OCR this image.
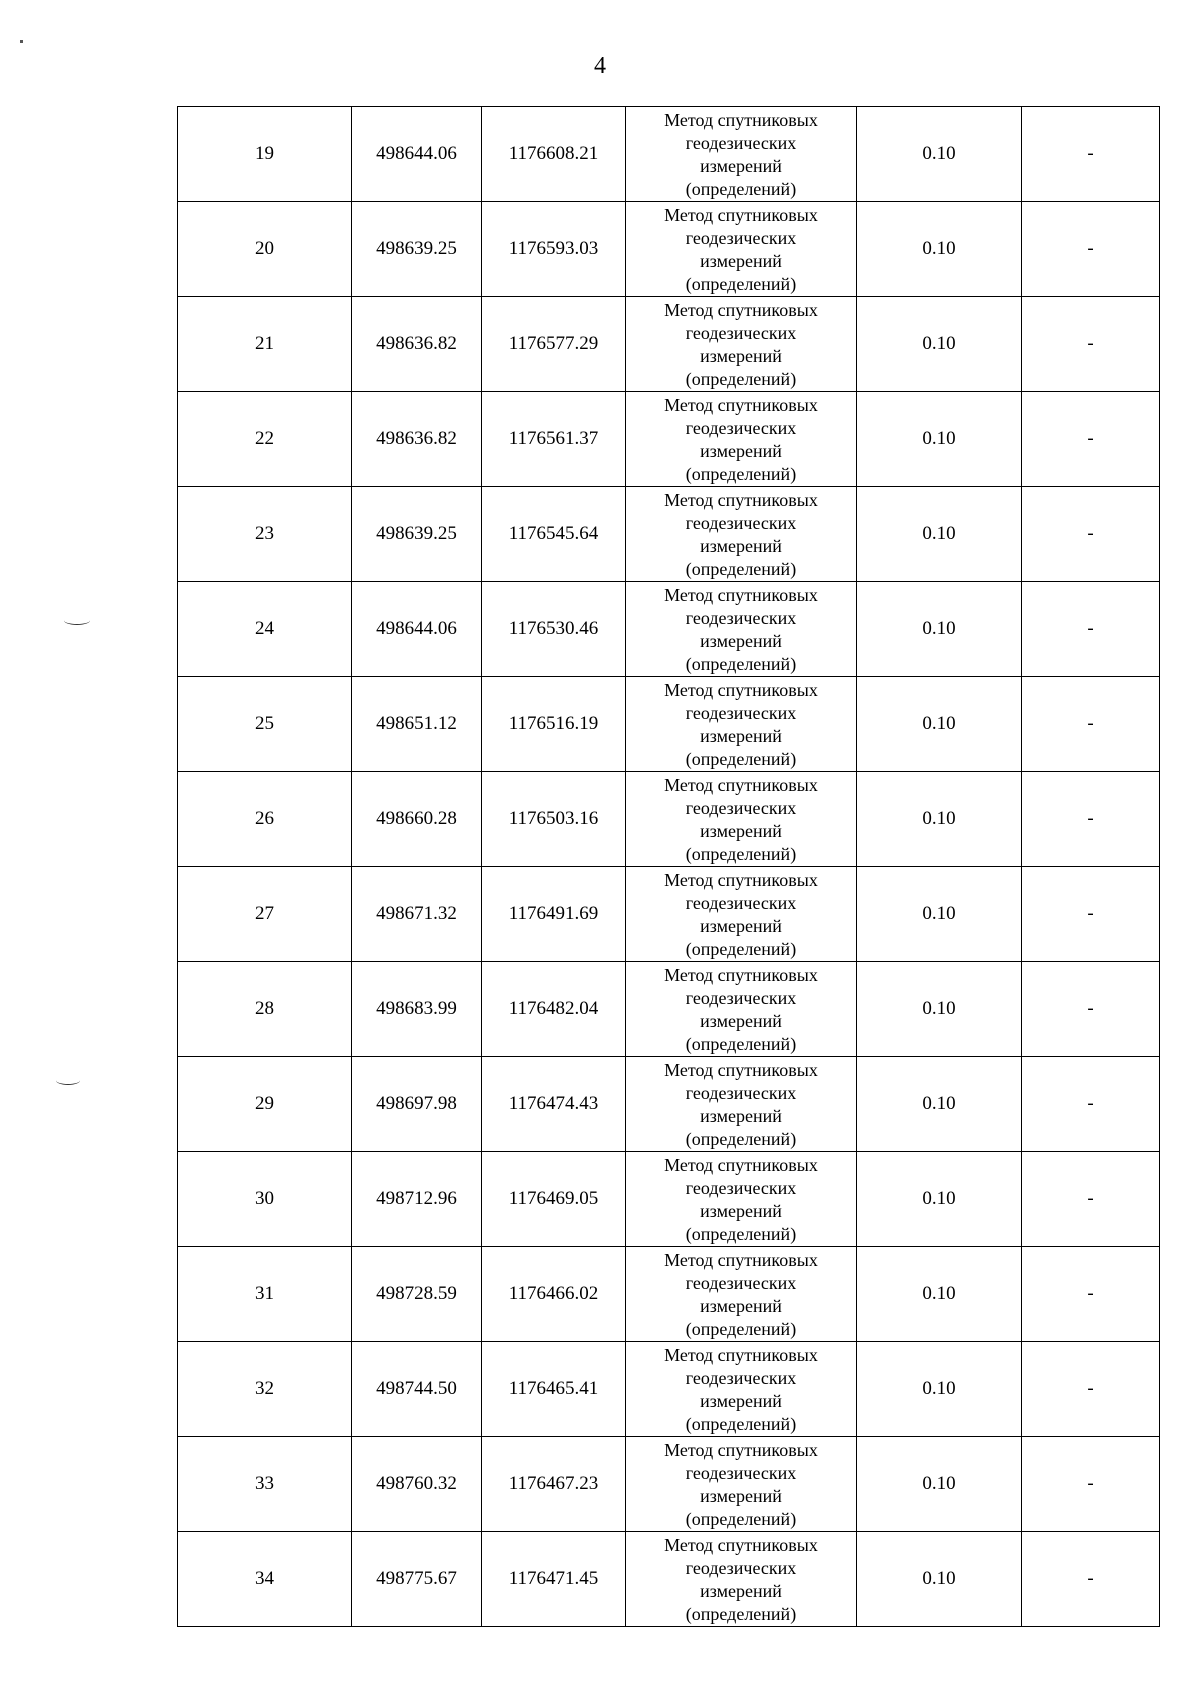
4
19	498644.06	1176608.21	Метод спутниковых
геодезических
измерений
(определений)	0.10	-
20	498639.25	1176593.03	Метод спутниковых
геодезических
измерений
(определений)	0.10	-
21	498636.82	1176577.29	Метод спутниковых
геодезических
измерений
(определений)	0.10	-
22	498636.82	1176561.37	Метод спутниковых
геодезических
измерений
(определений)	0.10	-
23	498639.25	1176545.64	Метод спутниковых
геодезических
измерений
(определений)	0.10	-
24	498644.06	1176530.46	Метод спутниковых
геодезических
измерений
(определений)	0.10	-
25	498651.12	1176516.19	Метод спутниковых
геодезических
измерений
(определений)	0.10	-
26	498660.28	1176503.16	Метод спутниковых
геодезических
измерений
(определений)	0.10	-
27	498671.32	1176491.69	Метод спутниковых
геодезических
измерений
(определений)	0.10	-
28	498683.99	1176482.04	Метод спутниковых
геодезических
измерений
(определений)	0.10	-
29	498697.98	1176474.43	Метод спутниковых
геодезических
измерений
(определений)	0.10	-
30	498712.96	1176469.05	Метод спутниковых
геодезических
измерений
(определений)	0.10	-
31	498728.59	1176466.02	Метод спутниковых
геодезических
измерений
(определений)	0.10	-
32	498744.50	1176465.41	Метод спутниковых
геодезических
измерений
(определений)	0.10	-
33	498760.32	1176467.23	Метод спутниковых
геодезических
измерений
(определений)	0.10	-
34	498775.67	1176471.45	Метод спутниковых
геодезических
измерений
(определений)	0.10	-
